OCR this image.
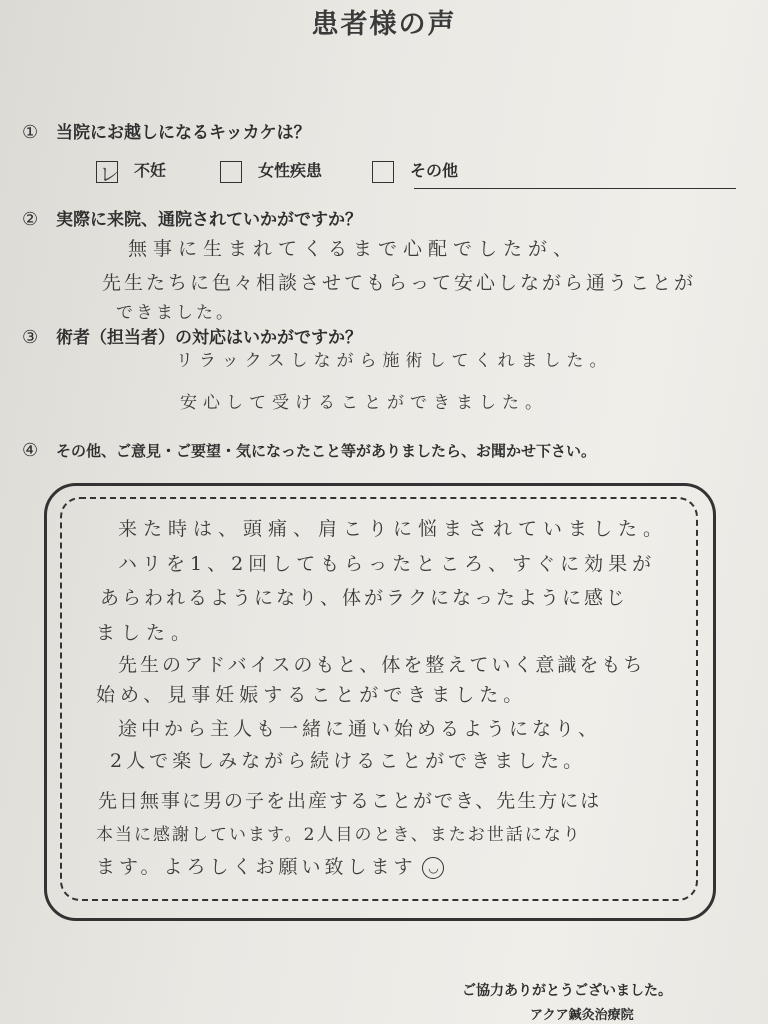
患者様の声
① 当院にお越しになるキッカケは？
レ 不妊	女性疾患	その他
② 実際に来院、通院されていかがですか？
無事に生まれてくるまで心配でしたが、
先生たちに色々相談させてもらって安心しながら通うことが
できました。
③ 術者（担当者）の対応はいかがですか？
リラックスしながら施術してくれました。
安心して受けることができました。
④ その他、ご意見・ご要望・気になったこと等がありましたら、お聞かせ下さい。
来た時は、頭痛、肩こりに悩まされていました。
ハリを1、2回してもらったところ、すぐに効果が
あらわれるようになり、体がラクになったように感じ
ました。
先生のアドバイスのもと、体を整えていく意識をもち
始め、見事妊娠することができました。
途中から主人も一緒に通い始めるようになり、
2人で楽しみながら続けることができました。
先日無事に男の子を出産することができ、先生方には
本当に感謝しています。2人目のとき、またお世話になり
ます。よろしくお願い致します ◡
ご協力ありがとうございました。
アクア鍼灸治療院
